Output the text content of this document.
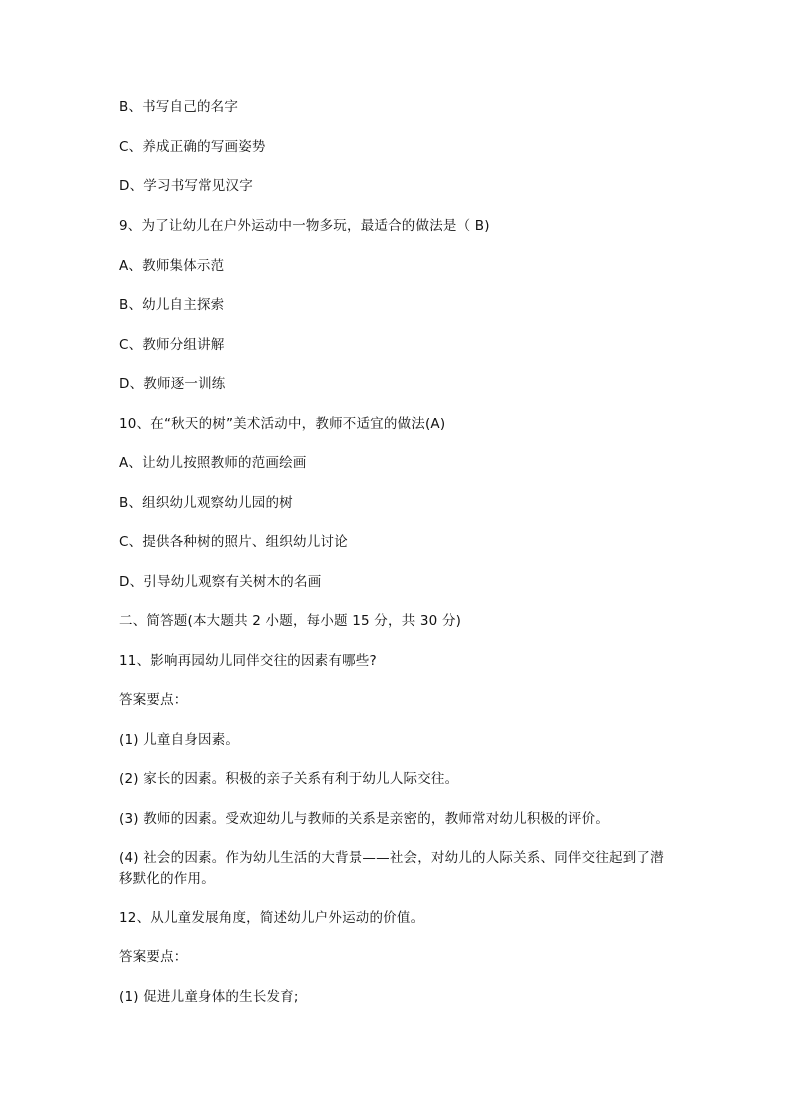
B、书写自己的名字
C、养成正确的写画姿势
D、学习书写常见汉字
9、为了让幼儿在户外运动中一物多玩，最适合的做法是（ B)
A、教师集体示范
B、幼儿自主探索
C、教师分组讲解
D、教师逐一训练
10、在“秋天的树”美术活动中，教师不适宜的做法(A)
A、让幼儿按照教师的范画绘画
B、组织幼儿观察幼儿园的树
C、提供各种树的照片、组织幼儿讨论
D、引导幼儿观察有关树木的名画
二、简答题(本大题共 2 小题，每小题 15 分，共 30 分)
11、影响再园幼儿同伴交往的因素有哪些?
答案要点：
(1) 儿童自身因素。
(2) 家长的因素。积极的亲子关系有利于幼儿人际交往。
(3) 教师的因素。受欢迎幼儿与教师的关系是亲密的，教师常对幼儿积极的评价。
(4) 社会的因素。作为幼儿生活的大背景——社会，对幼儿的人际关系、同伴交往起到了潜移默化的作用。
12、从儿童发展角度，简述幼儿户外运动的价值。
答案要点：
(1) 促进儿童身体的生长发育;
